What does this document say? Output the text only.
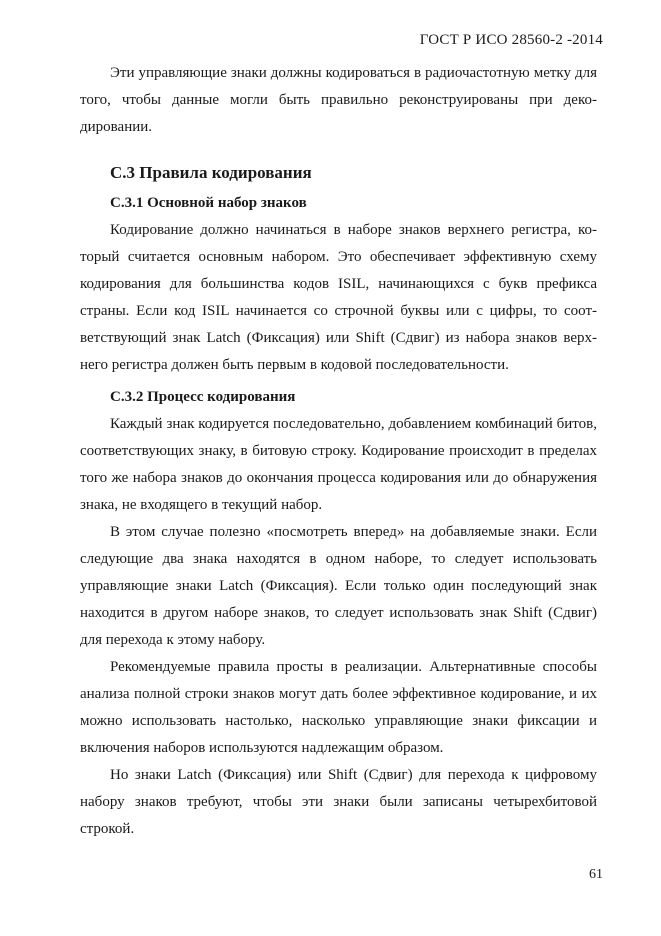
ГОСТ Р ИСО 28560-2 -2014

Эти управляющие знаки должны кодироваться в радиочастотную метку для того, чтобы данные могли быть правильно реконструированы при деко-дировании.

С.3 Правила кодирования
С.3.1 Основной набор знаков

Кодирование должно начинаться в наборе знаков верхнего регистра, ко-торый считается основным набором. Это обеспечивает эффективную схему кодирования для большинства кодов ISIL, начинающихся с букв префикса страны. Если код ISIL начинается со строчной буквы или с цифры, то соот-ветствующий знак Latch (Фиксация) или Shift (Сдвиг) из набора знаков верх-него регистра должен быть первым в кодовой последовательности.

С.3.2 Процесс кодирования

Каждый знак кодируется последовательно, добавлением комбинаций битов, соответствующих знаку, в битовую строку. Кодирование происходит в пределах того же набора знаков до окончания процесса кодирования или до обнаружения знака, не входящего в текущий набор.

В этом случае полезно «посмотреть вперед» на добавляемые знаки. Если следующие два знака находятся в одном наборе, то следует использовать управляющие знаки Latch (Фиксация). Если только один последующий знак находится в другом наборе знаков, то следует использовать знак Shift (Сдвиг) для перехода к этому набору.

Рекомендуемые правила просты в реализации. Альтернативные способы анализа полной строки знаков могут дать более эффективное кодирование, и их можно использовать настолько, насколько управляющие знаки фиксации и включения наборов используются надлежащим образом.

Но знаки Latch (Фиксация) или Shift (Сдвиг) для перехода к цифровому набору знаков требуют, чтобы эти знаки были записаны четырехбитовой строкой.

61
